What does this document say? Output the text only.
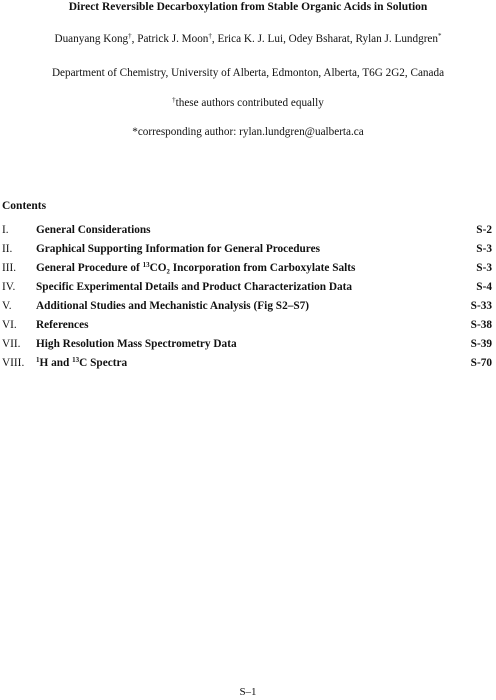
Direct Reversible Decarboxylation from Stable Organic Acids in Solution
Duanyang Kong†, Patrick J. Moon†, Erica K. J. Lui, Odey Bsharat, Rylan J. Lundgren*
Department of Chemistry, University of Alberta, Edmonton, Alberta, T6G 2G2, Canada
†these authors contributed equally
*corresponding author: rylan.lundgren@ualberta.ca
Contents
I. General Considerations	S-2
II. Graphical Supporting Information for General Procedures	S-3
III. General Procedure of $^{13}$CO₂ Incorporation from Carboxylate Salts	S-3
IV. Specific Experimental Details and Product Characterization Data	S-4
V. Additional Studies and Mechanistic Analysis (Fig S2–S7)	S-33
VI. References	S-38
VII. High Resolution Mass Spectrometry Data	S-39
VIII. $^1$H and $^{13}$C Spectra	S-70
S–1
